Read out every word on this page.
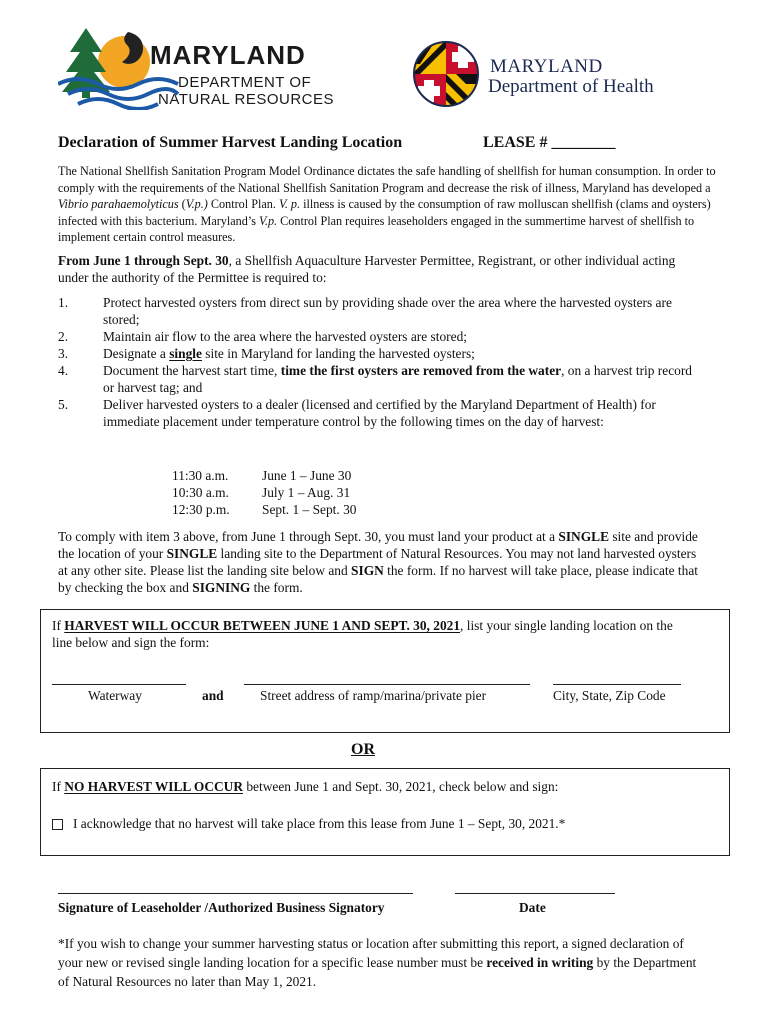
MARYLAND
DEPARTMENT OF
NATURAL RESOURCES
MARYLAND
Department of Health
Declaration of Summer Harvest Landing Location	LEASE # ________
The National Shellfish Sanitation Program Model Ordinance dictates the safe handling of shellfish for human consumption. In order to comply with the requirements of the National Shellfish Sanitation Program and decrease the risk of illness, Maryland has developed a Vibrio parahaemolyticus (V.p.) Control Plan. V. p. illness is caused by the consumption of raw molluscan shellfish (clams and oysters) infected with this bacterium. Maryland’s V.p. Control Plan requires leaseholders engaged in the summertime harvest of shellfish to implement certain control measures.
From June 1 through Sept. 30, a Shellfish Aquaculture Harvester Permittee, Registrant, or other individual acting under the authority of the Permittee is required to:
1.	Protect harvested oysters from direct sun by providing shade over the area where the harvested oysters are stored;
2.	Maintain air flow to the area where the harvested oysters are stored;
3.	Designate a single site in Maryland for landing the harvested oysters;
4.	Document the harvest start time, time the first oysters are removed from the water, on a harvest trip record or harvest tag; and
5.	Deliver harvested oysters to a dealer (licensed and certified by the Maryland Department of Health) for immediate placement under temperature control by the following times on the day of harvest:
11:30 a.m.	June 1 – June 30
10:30 a.m.	July 1 – Aug. 31
12:30 p.m.	Sept. 1 – Sept. 30
To comply with item 3 above, from June 1 through Sept. 30, you must land your product at a SINGLE site and provide the location of your SINGLE landing site to the Department of Natural Resources. You may not land harvested oysters at any other site. Please list the landing site below and SIGN the form. If no harvest will take place, please indicate that by checking the box and SIGNING the form.
If HARVEST WILL OCCUR BETWEEN JUNE 1 AND SEPT. 30, 2021, list your single landing location on the line below and sign the form:
Waterway	and	Street address of ramp/marina/private pier	City, State, Zip Code
OR
If NO HARVEST WILL OCCUR between June 1 and Sept. 30, 2021, check below and sign:
I acknowledge that no harvest will take place from this lease from June 1 – Sept, 30, 2021.*
Signature of Leaseholder /Authorized Business Signatory	Date
*If you wish to change your summer harvesting status or location after submitting this report, a signed declaration of your new or revised single landing location for a specific lease number must be received in writing by the Department of Natural Resources no later than May 1, 2021.
